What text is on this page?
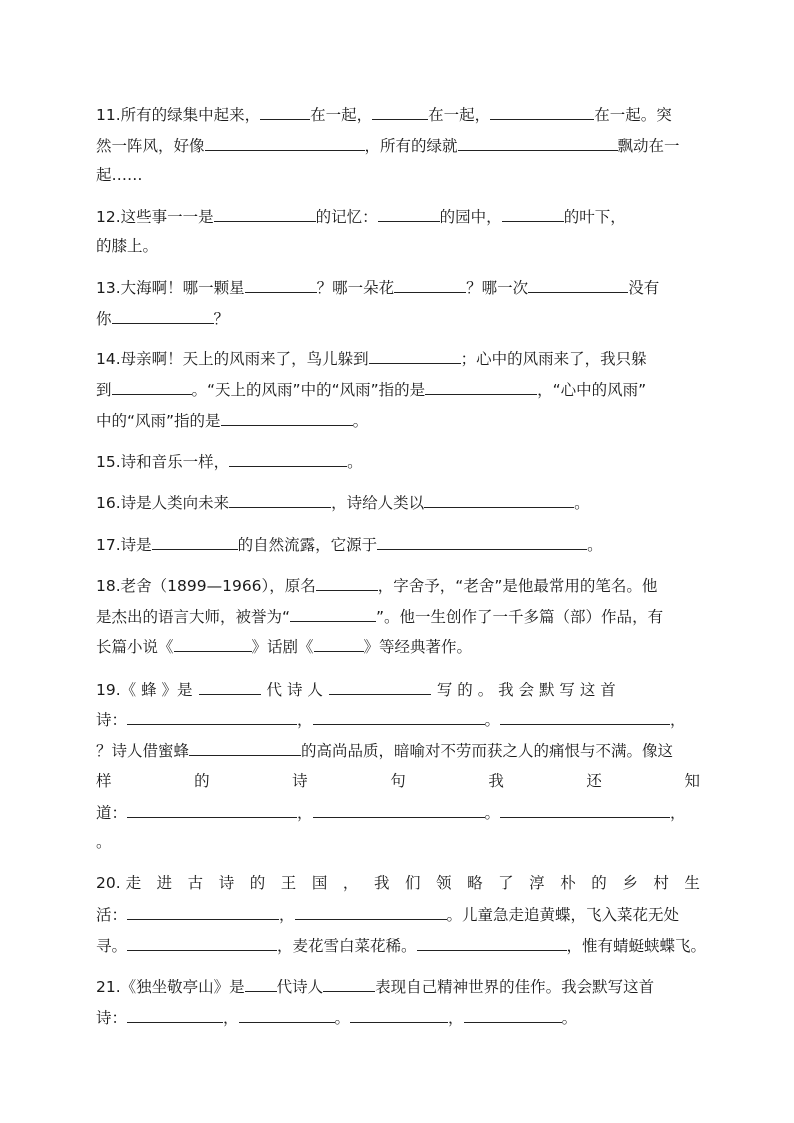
11.所有的绿集中起来，	在一起，	在一起，	在一起。突
然一阵风，好像	，所有的绿就	飘动在一
起……
12.这些事一一是	的记忆：	的园中，	的叶下，
的膝上。
13.大海啊！哪一颗星	？哪一朵花	？哪一次	没有
你	？
14.母亲啊！天上的风雨来了，鸟儿躲到	；心中的风雨来了，我只躲
到	。“天上的风雨”中的“风雨”指的是	，“心中的风雨”
中的“风雨”指的是	。
15.诗和音乐一样，	。
16.诗是人类向未来	，诗给人类以	。
17.诗是	的自然流露，它源于	。
18.老舍（1899—1966），原名	，字舍予，“老舍”是他最常用的笔名。他
是杰出的语言大师，被誉为“	”。他一生创作了一千多篇（部）作品，有
长篇小说《	》话剧《	》等经典著作。
19.《 蜂 》是	代 诗 人	写 的 。 我 会 默 写 这 首
诗：	，	。	，
？诗人借蜜蜂	的高尚品质，暗喻对不劳而获之人的痛恨与不满。像这
样	的	诗	句	我	还	知
道：	，	。	，
。
20. 走 进 古 诗 的 王 国 ， 我 们 领 略 了 淳 朴 的 乡 村 生
活：	，	。儿童急走追黄蝶，飞入菜花无处
寻。	，麦花雪白菜花稀。	，惟有蜻蜓蛱蝶飞。
21.《独坐敬亭山》是 代诗人	表现自己精神世界的佳作。我会默写这首
诗：	，	。	，	。
